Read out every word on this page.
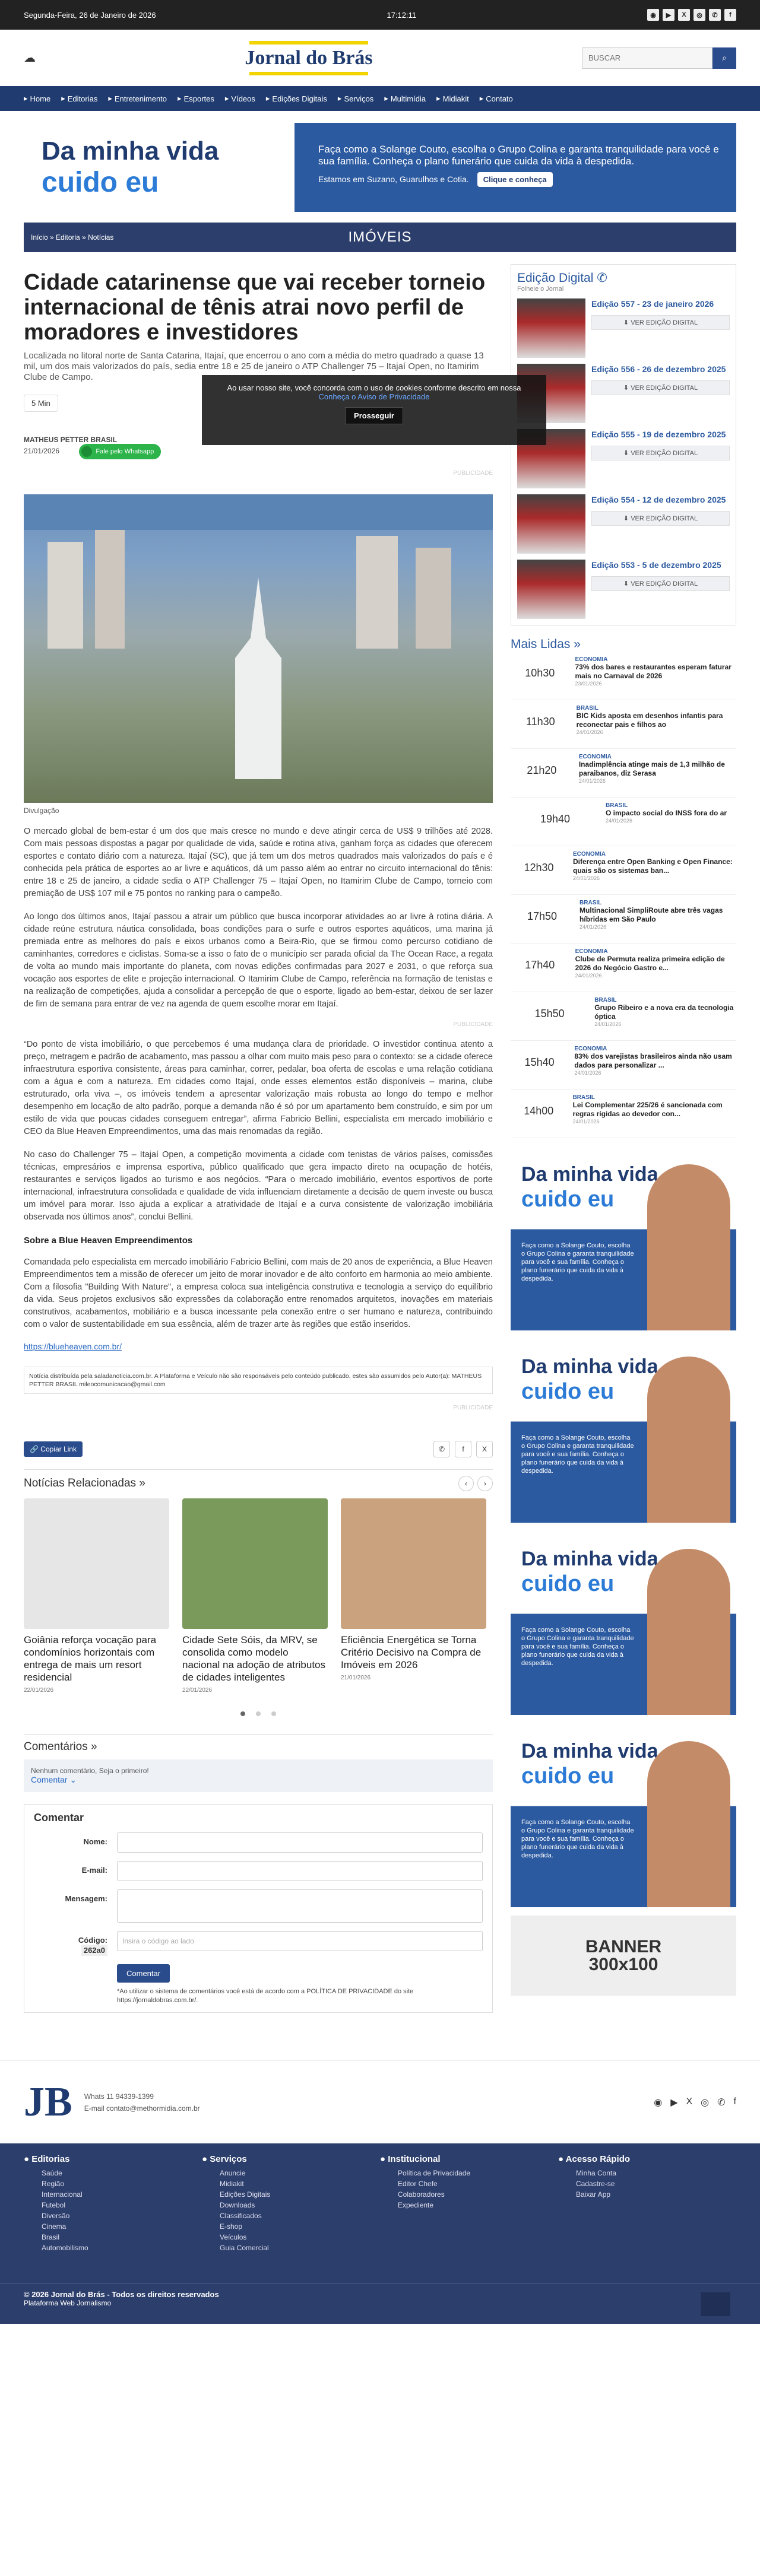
Segunda-Feira, 26 de Janeiro de 2026	17:12:11	◉	▶	X	◎	✆	f
☁	Jornal do Brás
BUSCAR	⌕
▸ Home ▸ Editorias ▸ Entretenimento ▸ Esportes ▸ Vídeos ▸ Edições Digitais ▸ Serviços ▸ Multimídia ▸ Midiakit ▸ Contato
Da minha vida
cuido eu

Faça como a Solange Couto, escolha o Grupo Colina e garanta tranquilidade para você e sua família. Conheça o plano funerário que cuida da vida à despedida.

Estamos em Suzano, Guarulhos e Cotia. Clique e conheça

Início » Editoria » Notícias	IMÓVEIS
Ao usar nosso site, você concorda com o uso de cookies conforme descrito em nossa
Conheça o Aviso de Privacidade
Prosseguir
Cidade catarinense que vai receber torneio internacional de tênis atrai novo perfil de moradores e investidores

Localizada no litoral norte de Santa Catarina, Itajaí, que encerrou o ano com a média do metro quadrado a quase 13 mil, um dos mais valorizados do país, sedia entre 18 e 25 de janeiro o ATP Challenger 75 – Itajaí Open, no Itamirim Clube de Campo.

5 Min
MATHEUS PETTER BRASIL
21/01/2026	Fale pelo Whatsapp
PUBLICIDADE
Divulgação

O mercado global de bem-estar é um dos que mais cresce no mundo e deve atingir cerca de US$ 9 trilhões até 2028. Com mais pessoas dispostas a pagar por qualidade de vida, saúde e rotina ativa, ganham força as cidades que oferecem esportes e contato diário com a natureza. Itajaí (SC), que já tem um dos metros quadrados mais valorizados do país e é conhecida pela prática de esportes ao ar livre e aquáticos, dá um passo além ao entrar no circuito internacional do tênis: entre 18 e 25 de janeiro, a cidade sedia o ATP Challenger 75 – Itajaí Open, no Itamirim Clube de Campo, torneio com premiação de US$ 107 mil e 75 pontos no ranking para o campeão.

Ao longo dos últimos anos, Itajaí passou a atrair um público que busca incorporar atividades ao ar livre à rotina diária. A cidade reúne estrutura náutica consolidada, boas condições para o surfe e outros esportes aquáticos, uma marina já premiada entre as melhores do país e eixos urbanos como a Beira-Rio, que se firmou como percurso cotidiano de caminhantes, corredores e ciclistas. Soma-se a isso o fato de o município ser parada oficial da The Ocean Race, a regata de volta ao mundo mais importante do planeta, com novas edições confirmadas para 2027 e 2031, o que reforça sua vocação aos esportes de elite e projeção internacional. O Itamirim Clube de Campo, referência na formação de tenistas e na realização de competições, ajuda a consolidar a percepção de que o esporte, ligado ao bem-estar, deixou de ser lazer de fim de semana para entrar de vez na agenda de quem escolhe morar em Itajaí.

PUBLICIDADE

“Do ponto de vista imobiliário, o que percebemos é uma mudança clara de prioridade. O investidor continua atento a preço, metragem e padrão de acabamento, mas passou a olhar com muito mais peso para o contexto: se a cidade oferece infraestrutura esportiva consistente, áreas para caminhar, correr, pedalar, boa oferta de escolas e uma relação cotidiana com a água e com a natureza. Em cidades como Itajaí, onde esses elementos estão disponíveis – marina, clube estruturado, orla viva –, os imóveis tendem a apresentar valorização mais robusta ao longo do tempo e melhor desempenho em locação de alto padrão, porque a demanda não é só por um apartamento bem construído, e sim por um estilo de vida que poucas cidades conseguem entregar”, afirma Fabricio Bellini, especialista em mercado imobiliário e CEO da Blue Heaven Empreendimentos, uma das mais renomadas da região.

No caso do Challenger 75 – Itajaí Open, a competição movimenta a cidade com tenistas de vários países, comissões técnicas, empresários e imprensa esportiva, público qualificado que gera impacto direto na ocupação de hotéis, restaurantes e serviços ligados ao turismo e aos negócios. “Para o mercado imobiliário, eventos esportivos de porte internacional, infraestrutura consolidada e qualidade de vida influenciam diretamente a decisão de quem investe ou busca um imóvel para morar. Isso ajuda a explicar a atratividade de Itajaí e a curva consistente de valorização imobiliária observada nos últimos anos”, conclui Bellini.

Sobre a Blue Heaven Empreendimentos

Comandada pelo especialista em mercado imobiliário Fabricio Bellini, com mais de 20 anos de experiência, a Blue Heaven Empreendimentos tem a missão de oferecer um jeito de morar inovador e de alto conforto em harmonia ao meio ambiente. Com a filosofia "Building With Nature", a empresa coloca sua inteligência construtiva e tecnologia a serviço do equilíbrio da vida. Seus projetos exclusivos são expressões da colaboração entre renomados arquitetos, inovações em materiais construtivos, acabamentos, mobiliário e a busca incessante pela conexão entre o ser humano e natureza, contribuindo com o valor de sustentabilidade em sua essência, além de trazer arte às regiões que estão inseridos.

https://blueheaven.com.br/
Notícia distribuída pela saladanoticia.com.br. A Plataforma e Veículo não são responsáveis pelo conteúdo publicado, estes são assumidos pelo Autor(a): MATHEUS PETTER BRASIL mileocomunicacao@gmail.com
PUBLICIDADE
🔗 Copiar Link	✆	f	X
Notícias Relacionadas »	‹	›
Goiânia reforça vocação para condomínios horizontais com entrega de mais um resort residencial
22/01/2026
Cidade Sete Sóis, da MRV, se consolida como modelo nacional na adoção de atributos de cidades inteligentes
22/01/2026
Eficiência Energética se Torna Critério Decisivo na Compra de Imóveis em 2026
21/01/2026
Comentários »
Nenhum comentário, Seja o primeiro!
Comentar ⌄
Comentar
Nome:
E-mail:
Mensagem:
Código:
262a0
Insira o código ao lado
Comentar

*Ao utilizar o sistema de comentários você está de acordo com a POLÍTICA DE PRIVACIDADE do site https://jornaldobras.com.br/.

Edição Digital ✆
Folheie o Jornal
Edição 557 - 23 de janeiro 2026
⬇ VER EDIÇÃO DIGITAL
Edição 556 - 26 de dezembro 2025
⬇ VER EDIÇÃO DIGITAL
Edição 555 - 19 de dezembro 2025
⬇ VER EDIÇÃO DIGITAL
Edição 554 - 12 de dezembro 2025
⬇ VER EDIÇÃO DIGITAL
Edição 553 - 5 de dezembro 2025
⬇ VER EDIÇÃO DIGITAL
Mais Lidas »
10h30
ECONOMIA
73% dos bares e restaurantes esperam faturar mais no Carnaval de 2026
23/01/2026
11h30
BRASIL
BIC Kids aposta em desenhos infantis para reconectar pais e filhos ao
24/01/2026
21h20
ECONOMIA
Inadimplência atinge mais de 1,3 milhão de paraibanos, diz Serasa
24/01/2026
19h40
BRASIL
O impacto social do INSS fora do ar
24/01/2026
12h30
ECONOMIA
Diferença entre Open Banking e Open Finance: quais são os sistemas ban...
24/01/2026
17h50
BRASIL
Multinacional SimpliRoute abre três vagas híbridas em São Paulo
24/01/2026
17h40
ECONOMIA
Clube de Permuta realiza primeira edição de 2026 do Negócio Gastro e...
24/01/2026
15h50
BRASIL
Grupo Ribeiro e a nova era da tecnologia óptica
24/01/2026
15h40
ECONOMIA
83% dos varejistas brasileiros ainda não usam dados para personalizar ...
24/01/2026
14h00
BRASIL
Lei Complementar 225/26 é sancionada com regras rígidas ao devedor con...
24/01/2026
Da minha vida
cuido eu
Faça como a Solange Couto, escolha o Grupo Colina e garanta tranquilidade para você e sua família. Conheça o plano funerário que cuida da vida à despedida.
Da minha vida
cuido eu
Faça como a Solange Couto, escolha o Grupo Colina e garanta tranquilidade para você e sua família. Conheça o plano funerário que cuida da vida à despedida.
Da minha vida
cuido eu
Faça como a Solange Couto, escolha o Grupo Colina e garanta tranquilidade para você e sua família. Conheça o plano funerário que cuida da vida à despedida.
Da minha vida
cuido eu
Faça como a Solange Couto, escolha o Grupo Colina e garanta tranquilidade para você e sua família. Conheça o plano funerário que cuida da vida à despedida.
BANNER
300x100
JB Whats 11 94339-1399
E-mail contato@methormidia.com.br
◉ ▶ X ◎ ✆ f
● Editorias
Saúde
Região
Internacional
Futebol
Diversão
Cinema
Brasil
Automobilismo
● Serviços
Anuncie
Midiakit
Edições Digitais
Downloads
Classificados
E-shop
Veículos
Guia Comercial
● Institucional
Política de Privacidade
Editor Chefe
Colaboradores
Expediente
● Acesso Rápido
Minha Conta
Cadastre-se
Baixar App
© 2026 Jornal do Brás - Todos os direitos reservados
Plataforma Web Jornalismo
